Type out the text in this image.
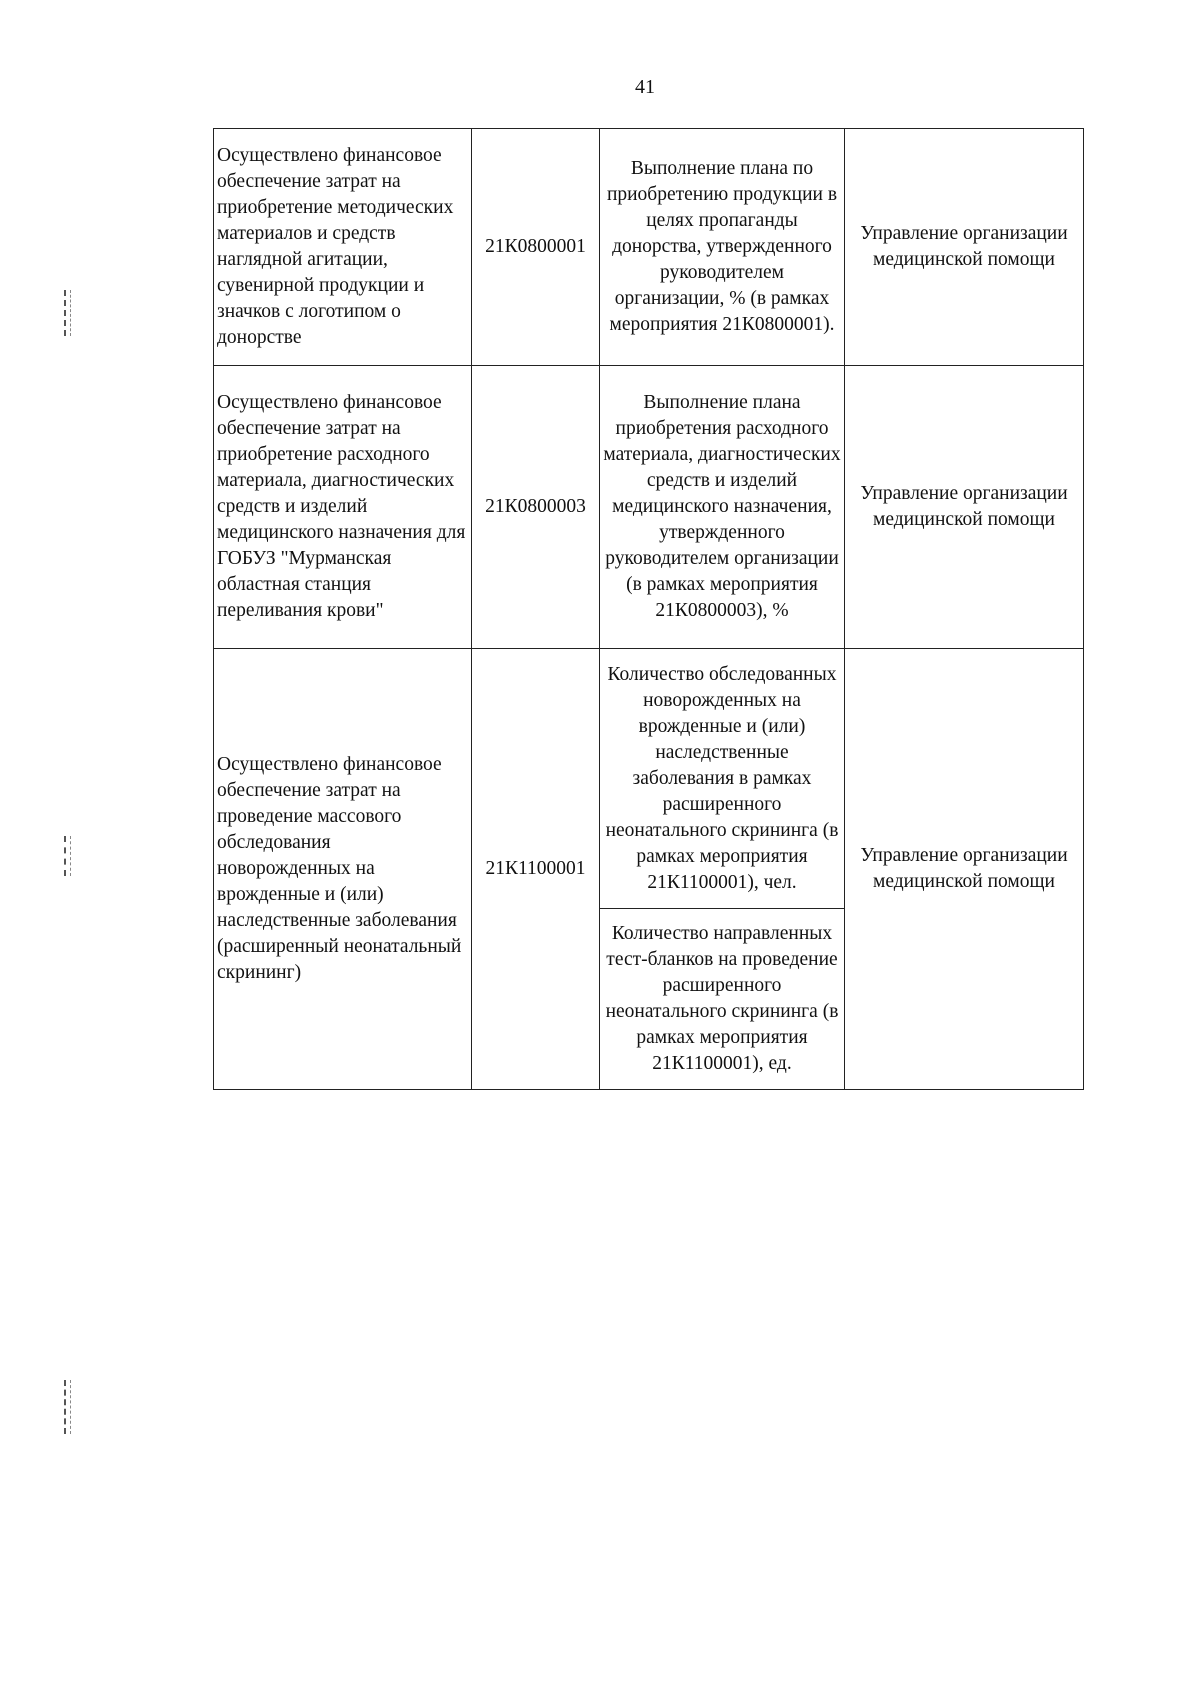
41
Осуществлено финансовое обеспечение затрат на приобретение методических материалов и средств наглядной агитации, сувенирной продукции и значков с логотипом о донорстве	21К0800001	Выполнение плана по приобретению продукции в целях пропаганды донорства, утвержденного руководителем организации, % (в рамках мероприятия 21К0800001).	Управление организации медицинской помощи
Осуществлено финансовое обеспечение затрат на приобретение расходного материала, диагностических средств и изделий медицинского назначения для ГОБУЗ "Мурманская областная станция переливания крови"	21К0800003	Выполнение плана приобретения расходного материала, диагностических средств и изделий медицинского назначения, утвержденного руководителем организации (в рамках мероприятия 21К0800003), %	Управление организации медицинской помощи
Осуществлено финансовое обеспечение затрат на проведение массового обследования новорожденных на врожденные и (или) наследственные заболевания (расширенный неонатальный скрининг)	21К1100001	Количество обследованных новорожденных на врожденные и (или) наследственные заболевания в рамках расширенного неонатального скрининга (в рамках мероприятия 21К1100001), чел.	Управление организации медицинской помощи
		Количество направленных тест-бланков на проведение расширенного неонатального скрининга (в рамках мероприятия 21К1100001), ед.	
